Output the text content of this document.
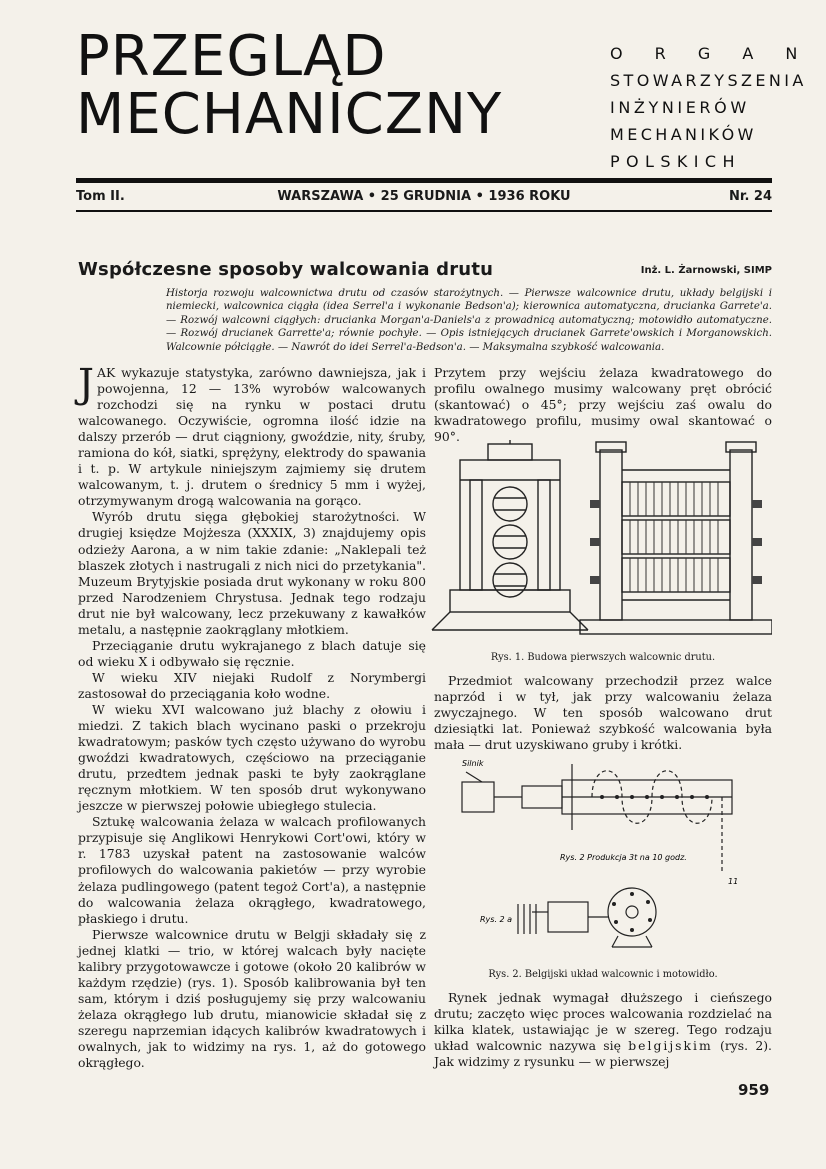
PRZEGLĄD
MECHANICZNY
O R G A N
STOWARZYSZENIA
INŻYNIERÓW
MECHANIKÓW
POLSKICH
Tom II.	WARSZAWA • 25 GRUDNIA • 1936 ROKU	Nr. 24
Współczesne sposoby walcowania drutu	Inż. L. Żarnowski, SIMP
Historja rozwoju walcownictwa drutu od czasów starożytnych. — Pierwsze walcownice drutu, układy belgijski i niemiecki, walcownica ciągła (idea Serrel'a i wykonanie Bedson'a); kierownica automatyczna, drucianka Garrete'a. — Rozwój walcowni ciągłych: drucianka Morgan'a-Daniels'a z prowadnicą automatyczną; motowidło automatyczne. — Rozwój drucianek Garrette'a; równie pochyłe. — Opis istniejących drucianek Garrete'owskich i Morganowskich. Walcownie półciągłe. — Nawrót do idei Serrel'a-Bedson'a. — Maksymalna szybkość walcowania.

JAK wykazuje statystyka, zarówno dawniejsza, jak i powojenna, 12 — 13% wyrobów walcowanych rozchodzi się na rynku w postaci drutu walcowanego. Oczywiście, ogromna ilość idzie na dalszy przerób — drut ciągniony, gwoździe, nity, śruby, ramiona do kół, siatki, sprężyny, elektrody do spawania i t. p. W artykule niniejszym zajmiemy się drutem walcowanym, t. j. drutem o średnicy 5 mm i wyżej, otrzymywanym drogą walcowania na gorąco.

Wyrób drutu sięga głębokiej starożytności. W drugiej księdze Mojżesza (XXXIX, 3) znajdujemy opis odzieży Aarona, a w nim takie zdanie: „Naklepali też blaszek złotych i nastrugali z nich nici do przetykania". Muzeum Brytyjskie posiada drut wykonany w roku 800 przed Narodzeniem Chrystusa. Jednak tego rodzaju drut nie był walcowany, lecz przekuwany z kawałków metalu, a następnie zaokrąglany młotkiem.

Przeciąganie drutu wykrajanego z blach datuje się od wieku X i odbywało się ręcznie.

W wieku XIV niejaki Rudolf z Norymbergi zastosował do przeciągania koło wodne.

W wieku XVI walcowano już blachy z ołowiu i miedzi. Z takich blach wycinano paski o przekroju kwadratowym; pasków tych często używano do wyrobu gwoździ kwadratowych, częściowo na przeciąganie drutu, przedtem jednak paski te były zaokrąglane ręcznym młotkiem. W ten sposób drut wykonywano jeszcze w pierwszej połowie ubiegłego stulecia.

Sztukę walcowania żelaza w walcach profilowanych przypisuje się Anglikowi Henrykowi Cort'owi, który w r. 1783 uzyskał patent na zastosowanie walców profilowych do walcowania pakietów — przy wyrobie żelaza pudlingowego (patent tegoż Cort'a), a następnie do walcowania żelaza okrągłego, kwadratowego, płaskiego i drutu.

Pierwsze walcownice drutu w Belgji składały się z jednej klatki — trio, w której walcach były nacięte kalibry przygotowawcze i gotowe (około 20 kalibrów w każdym rzędzie) (rys. 1). Sposób kalibrowania był ten sam, którym i dziś posługujemy się przy walcowaniu żelaza okrągłego lub drutu, mianowicie składał się z szeregu naprzemian idących kalibrów kwadratowych i owalnych, jak to widzimy na rys. 1, aż do gotowego okrągłego.

Przytem przy wejściu żelaza kwadratowego do profilu owalnego musimy walcowany pręt obrócić (skantować) o 45°; przy wejściu zaś owalu do kwadratowego profilu, musimy owal skantować o 90°.

Rys. 1. Budowa pierwszych walcownic drutu.

Przedmiot walcowany przechodził przez walce naprzód i w tył, jak przy walcowaniu żelaza zwyczajnego. W ten sposób walcowano drut dziesiątki lat. Ponieważ szybkość walcowania była mała — drut uzyskiwano gruby i krótki.

Silnik
Rys. 2 Produkcja 3t na 10 godz.
Rys. 2 a
11
Rys. 2. Belgijski układ walcownic i motowidło.

Rynek jednak wymagał dłuższego i cieńszego drutu; zaczęto więc proces walcowania rozdzielać na kilka klatek, ustawiając je w szereg. Tego rodzaju układ walcownic nazywa się belgijskim (rys. 2). Jak widzimy z rysunku — w pierwszej

959
